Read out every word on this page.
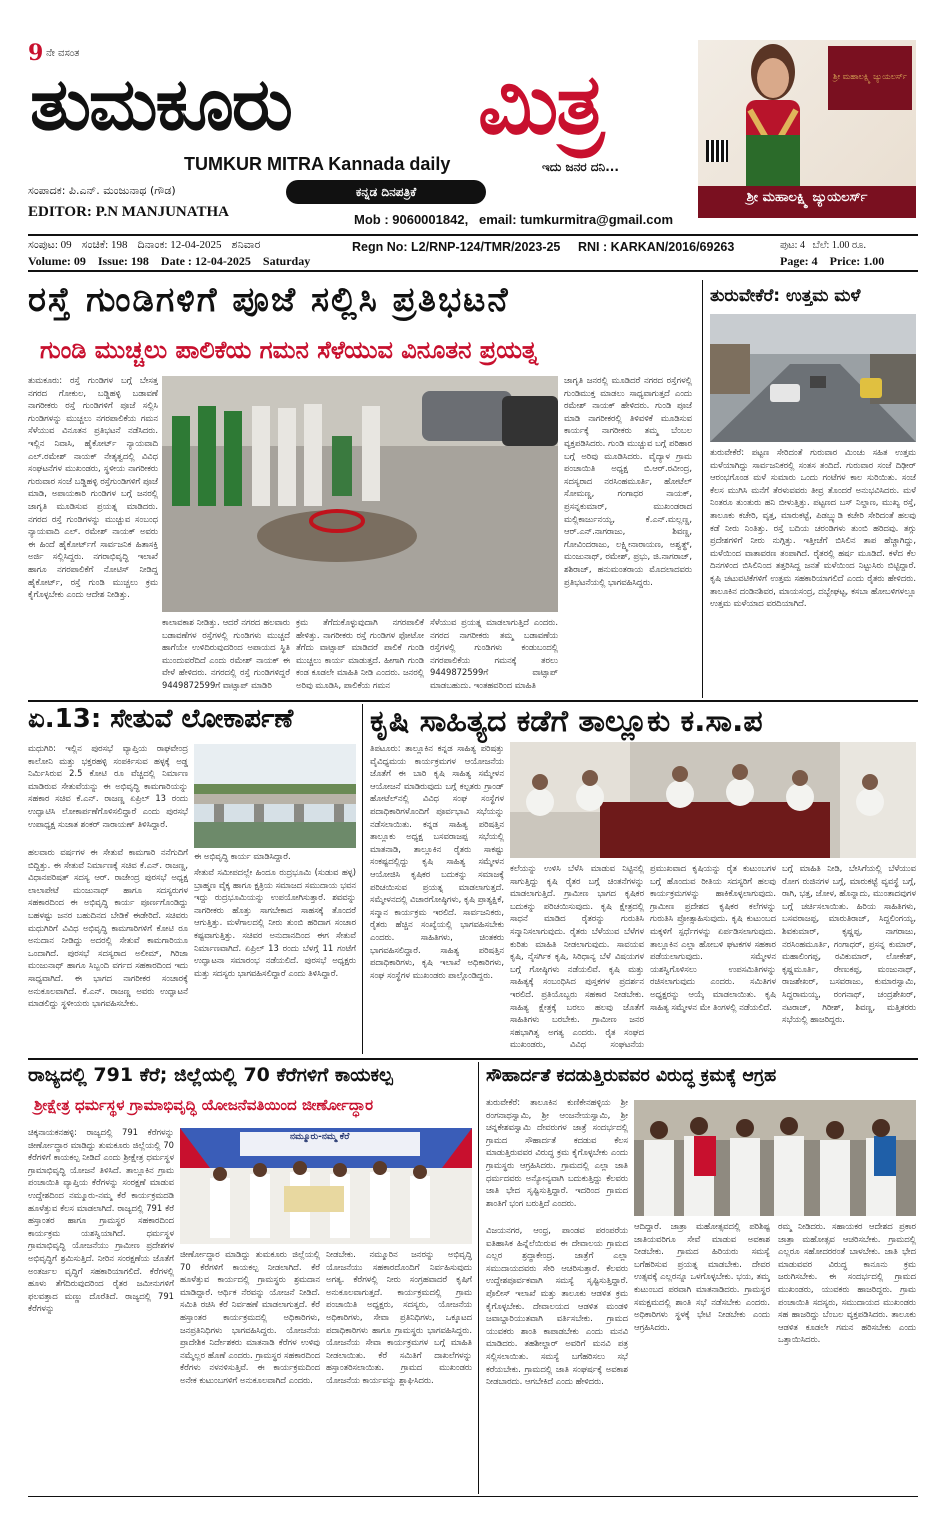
9 ನೇ ವಸಂತ
ತುಮಕೂರು ಮಿತ್ರ
TUMKUR MITRA Kannada daily	ಇದು ಜನರ ದನಿ...
ಸಂಪಾದಕ: ಪಿ.ಎನ್. ಮಂಜುನಾಥ (ಗೌಡ)	ಕನ್ನಡ ದಿನಪತ್ರಿಕೆ
EDITOR: P.N MANJUNATHA	Mob : 9060001842,   email: tumkurmitra@gmail.com
ಶ್ರೀ ಮಹಾಲಕ್ಷ್ಮಿ ಜ್ಯುಯಲರ್ಸ್
ಶ್ರೀ ಮಹಾಲಕ್ಷ್ಮಿ ಜ್ಯುಯಲರ್ಸ್
ಸಂಪುಟ: 09 ಸಂಚಿಕೆ: 198 ದಿನಾಂಕ: 12-04-2025 ಶನಿವಾರ
Volume: 09 Issue: 198 Date : 12-04-2025 Saturday
Regn No: L2/RNP-124/TMR/2023-25 RNI : KARKAN/2016/69263	ಪುಟ: 4   ಬೆಲೆ: 1.00 ರೂ.
Page: 4    Price: 1.00
ರಸ್ತೆ ಗುಂಡಿಗಳಿಗೆ ಪೂಜೆ ಸಲ್ಲಿಸಿ ಪ್ರತಿಭಟನೆ
ಗುಂಡಿ ಮುಚ್ಚಲು ಪಾಲಿಕೆಯ ಗಮನ ಸೆಳೆಯುವ ವಿನೂತನ ಪ್ರಯತ್ನ
ತುಮಕೂರು: ರಸ್ತೆ ಗುಂಡಿಗಳ ಬಗ್ಗೆ ಬೇಸತ್ತ ನಗರದ ಗೋಕುಲ, ಬಡ್ಡಿಹಳ್ಳಿ ಬಡಾವಣೆ ನಾಗರೀಕರು ರಸ್ತೆ ಗುಂಡಿಗಳಿಗೆ ಪೂಜೆ ಸಲ್ಲಿಸಿ ಗುಂಡಿಗಳನ್ನು ಮುಚ್ಚಲು ನಗರಪಾಲಿಕೆಯ ಗಮನ ಸೆಳೆಯುವ ವಿನೂತನ ಪ್ರತಿಭಟನೆ ನಡೆಸಿದರು. ಇಲ್ಲಿನ ನಿವಾಸಿ, ಹೈಕೋರ್ಟ್ ನ್ಯಾಯವಾದಿ ಎಲ್.ರಮೇಶ್ ನಾಯಕ್ ನೇತೃತ್ವದಲ್ಲಿ ವಿವಿಧ ಸಂಘಟನೆಗಳ ಮುಖಂಡರು, ಸ್ಥಳೀಯ ನಾಗರೀಕರು ಗುರುವಾರ ಸಂಜೆ ಬಡ್ಡಿಹಳ್ಳಿ ರಸ್ತೆಗುಂಡಿಗಳಿಗೆ ಪೂಜೆ ಮಾಡಿ, ಅಪಾಯಕಾರಿ ಗುಂಡಿಗಳ ಬಗ್ಗೆ ಜನರಲ್ಲಿ ಜಾಗೃತಿ ಮೂಡಿಸುವ ಪ್ರಯತ್ನ ಮಾಡಿದರು. ನಗರದ ರಸ್ತೆ ಗುಂಡಿಗಳನ್ನು ಮುಚ್ಚುವ ಸಂಬಂಧ ನ್ಯಾಯವಾದಿ ಎಲ್. ರಮೇಶ್ ನಾಯಕ್ ಅವರು ಈ ಹಿಂದೆ ಹೈಕೋರ್ಟ್‌ಗೆ ಸಾರ್ವಜನಿಕ ಹಿತಾಸಕ್ತಿ ಅರ್ಜಿ ಸಲ್ಲಿಸಿದ್ದರು. ನಗರಾಭಿವೃದ್ಧಿ ಇಲಾಖೆ ಹಾಗೂ ನಗರಪಾಲಿಕೆಗೆ ನೋಟಿಸ್ ನೀಡಿದ್ದ ಹೈಕೋರ್ಟ್, ರಸ್ತೆ ಗುಂಡಿ ಮುಚ್ಚಲು ಕ್ರಮ ಕೈಗೊಳ್ಳಬೇಕು ಎಂದು ಆದೇಶ ನೀಡಿತ್ತು.
ಕಾಲಾವಕಾಶ ನೀಡಿತ್ತು. ಆದರೆ ನಗರದ ಹಲವಾರು ಬಡಾವಣೆಗಳ ರಸ್ತೆಗಳಲ್ಲಿ ಗುಂಡಿಗಳು ಮುಚ್ಚದೆ ಹಾಗೆಯೇ ಉಳಿದಿರುವುದರಿಂದ ಅಪಾಯದ ಸ್ಥಿತಿ ಮುಂದುವರೆದಿದೆ ಎಂದು ರಮೇಶ್ ನಾಯಕ್ ಈ ವೇಳೆ ಹೇಳಿದರು. ನಗರದಲ್ಲಿ ರಸ್ತೆ ಗುಂಡಿಗಳಿದ್ದರೆ 9449872599ಗೆ ವಾಟ್ಸಾಪ್ ಮಾಡಿರಿ
ಕ್ರಮ ತೆಗೆದುಕೊಳ್ಳುವುದಾಗಿ ನಗರಪಾಲಿಕೆ ಹೇಳಿತ್ತು. ನಾಗರೀಕರು ರಸ್ತೆ ಗುಂಡಿಗಳ ಫೋಟೋ ತೆಗೆದು ವಾಟ್ಸಾಪ್ ಮಾಡಿದರೆ ಪಾಲಿಕೆ ಗುಂಡಿ ಮುಚ್ಚಲು ಕಾರ್ಯ ಮಾಡುತ್ತದೆ. ಹೀಗಾಗಿ ಗುಂಡಿ ಕಂಡ ಕೂಡಲೇ ಮಾಹಿತಿ ನೀಡಿ ಎಂದರು. ಜನರಲ್ಲಿ ಅರಿವು ಮೂಡಿಸಿ, ಪಾಲಿಕೆಯ ಗಮನ
ಸೆಳೆಯುವ ಪ್ರಯತ್ನ ಮಾಡಲಾಗುತ್ತಿದೆ ಎಂದರು. ನಗರದ ನಾಗರೀಕರು ತಮ್ಮ ಬಡಾವಣೆಯ ರಸ್ತೆಗಳಲ್ಲಿ ಗುಂಡಿಗಳು ಕಂಡುಬಂದಲ್ಲಿ ನಗರಪಾಲಿಕೆಯ ಗಮನಕ್ಕೆ ತರಲು 9449872599ಗೆ ವಾಟ್ಸಾಪ್ ಮಾಡಬಹುದು. ಇಂತಹವರಿಂದ ಮಾಹಿತಿ
ಜಾಗೃತಿ ಜನರಲ್ಲಿ ಮೂಡಿದರೆ ನಗರದ ರಸ್ತೆಗಳಲ್ಲಿ ಗುಂಡಿಮುಕ್ತ ಮಾಡಲು ಸಾಧ್ಯವಾಗುತ್ತದೆ ಎಂದು ರಮೇಶ್ ನಾಯಕ್ ಹೇಳಿದರು. ಗುಂಡಿ ಪೂಜೆ ಮಾಡಿ ನಾಗರೀಕರಲ್ಲಿ ತಿಳಿವಳಿಕೆ ಮೂಡಿಸುವ ಕಾರ್ಯಕ್ಕೆ ನಾಗರೀಕರು ತಮ್ಮ ಬೆಂಬಲ ವ್ಯಕ್ತಪಡಿಸಿದರು. ಗುಂಡಿ ಮುಚ್ಚುವ ಬಗ್ಗೆ ಪರಿಹಾರ ಬಗ್ಗೆ ಅರಿವು ಮೂಡಿಸಿದರು. ವೈದ್ಯಾಳ ಗ್ರಾಮ ಪಂಚಾಯಿತಿ ಅಧ್ಯಕ್ಷ ಬಿ.ಆರ್.ರವೀಂದ್ರ, ಸದಸ್ಯರಾದ ನರಸಿಂಹಮೂರ್ತಿ, ಹೋಟೆಲ್ ಸೋಮಣ್ಣ, ಗಂಗಾಧರ ನಾಯಕ್, ಪ್ರಸನ್ನಕುಮಾರ್, ಮುಖಂಡರಾದ ಮಲ್ಲಿಕಾರ್ಜುನಯ್ಯ, ಕೆ.ಎನ್.ಮಲ್ಲಣ್ಣ, ಆರ್.ಎನ್.ನಾಗರಾಜು, ಶಿವಣ್ಣ, ಗೋವಿಂದರಾಜು, ಲಕ್ಷ್ಮೀನಾರಾಯಣ, ಅಶ್ವತ್ಥ್, ಮಂಜುನಾಥ್, ರಮೇಶ್, ಪ್ರಭು, ಜಿ.ನಾಗರಾಜ್, ಶಶಿರಾಜ್, ಹನುಮಂತರಾಯ ಮೊದಲಾದವರು ಪ್ರತಿಭಟನೆಯಲ್ಲಿ ಭಾಗವಹಿಸಿದ್ದರು.
ತುರುವೇಕೆರೆ: ಉತ್ತಮ ಮಳೆ
ತುರುವೇಕೆರೆ: ಪಟ್ಟಣ ಸೇರಿದಂತೆ ಗುರುವಾರ ಮಿಂಚು ಸಹಿತ ಉತ್ತಮ ಮಳೆಯಾಗಿದ್ದು ಸಾರ್ವಜನಿಕರಲ್ಲಿ ಸಂತಸ ತಂದಿದೆ. ಗುರುವಾರ ಸಂಜೆ ದಿಢೀರ್ ಆರಂಭಗೊಂಡ ಮಳೆ ಸುಮಾರು ಒಂದು ಗಂಟೆಗಳ ಕಾಲ ಸುರಿಯಿತು. ಸಂಜೆ ಕೆಲಸ ಮುಗಿಸಿ ಮನೆಗೆ ತೆರಳುವವರು ತೀವ್ರ ತೊಂದರೆ ಅನುಭವಿಸಿದರು. ಮಳೆ ನಿಂತರೂ ತುಂತುರು ಹನಿ ಬೀಳುತ್ತಿತ್ತು. ಪಟ್ಟಣದ ಬಸ್ ನಿಲ್ದಾಣ, ಮುಖ್ಯ ರಸ್ತೆ, ತಾಲೂಕು ಕಚೇರಿ, ವೃತ್ತ, ಮಾರುಕಟ್ಟೆ, ಪಿಡಬ್ಲ್ಯುಡಿ ಕಚೇರಿ ಸೇರಿದಂತೆ ಹಲವು ಕಡೆ ನೀರು ನಿಂತಿತ್ತು. ರಸ್ತೆ ಬದಿಯ ಚರಂಡಿಗಳು ತುಂಬಿ ಹರಿದವು. ತಗ್ಗು ಪ್ರದೇಶಗಳಿಗೆ ನೀರು ನುಗ್ಗಿತ್ತು. ಇತ್ತೀಚೆಗೆ ಬಿಸಿಲಿನ ತಾಪ ಹೆಚ್ಚಾಗಿದ್ದು, ಮಳೆಯಿಂದ ವಾತಾವರಣ ತಂಪಾಗಿದೆ. ರೈತರಲ್ಲಿ ಹರ್ಷ ಮೂಡಿದೆ. ಕಳೆದ ಕೆಲ ದಿನಗಳಿಂದ ಬಿಸಿಲಿನಿಂದ ತತ್ತರಿಸಿದ್ದ ಜನತೆ ಮಳೆಯಿಂದ ನಿಟ್ಟುಸಿರು ಬಿಟ್ಟಿದ್ದಾರೆ. ಕೃಷಿ ಚಟುವಟಿಕೆಗಳಿಗೆ ಉತ್ತಮ ಸಹಕಾರಿಯಾಗಲಿದೆ ಎಂದು ರೈತರು ಹೇಳಿದರು. ತಾಲೂಕಿನ ದಂಡಿನಶಿವರ, ಮಾಯಸಂದ್ರ, ದಬ್ಬೇಘಟ್ಟ, ಕಸಬಾ ಹೋಬಳಿಗಳಲ್ಲೂ ಉತ್ತಮ ಮಳೆಯಾದ ವರದಿಯಾಗಿದೆ.
ಏ.13: ಸೇತುವೆ ಲೋಕಾರ್ಪಣೆ
ಮಧುಗಿರಿ: ಇಲ್ಲಿನ ಪುರಸಭೆ ವ್ಯಾಪ್ತಿಯ ರಾಘವೇಂದ್ರ ಕಾಲೋನಿ ಮತ್ತು ಭಕ್ತರಹಳ್ಳಿ ಸಂಪರ್ಕಿಸುವ ಹಳ್ಳಕ್ಕೆ ಅಡ್ಡ ನಿರ್ಮಿಸಿರುವ 2.5 ಕೋಟಿ ರೂ ವೆಚ್ಚದಲ್ಲಿ ನಿರ್ಮಾಣ ಮಾಡಿರುವ ಸೇತುವೆಯನ್ನು ಈ ಅಭಿವೃದ್ಧಿ ಕಾಮಗಾರಿಯನ್ನು ಸಹಕಾರ ಸಚಿವ ಕೆ.ಎನ್. ರಾಜಣ್ಣ ಏಪ್ರಿಲ್ 13 ರಂದು ಉದ್ಘಾಟಿಸಿ ಲೋಕಾರ್ಪಣೆಗೊಳಿಸಲಿದ್ದಾರೆ ಎಂದು ಪುರಸಭೆ ಉಪಾಧ್ಯಕ್ಷ ಸುಜಾತ ಶಂಕರ್ ನಾರಾಯಣ್ ತಿಳಿಸಿದ್ದಾರೆ.
ಈ ಅಭಿವೃದ್ಧಿ ಕಾರ್ಯ ಮಾಡಿಸಿದ್ದಾರೆ.
ಹಲವಾರು ವರ್ಷಗಳ ಈ ಸೇತುವೆ ಕಾಮಗಾರಿ ನನೆಗುದಿಗೆ ಬಿದ್ದಿತ್ತು. ಈ ಸೇತುವೆ ನಿರ್ಮಾಣಕ್ಕೆ ಸಚಿವ ಕೆ.ಎನ್. ರಾಜಣ್ಣ, ವಿಧಾನಪರಿಷತ್ ಸದಸ್ಯ ಆರ್. ರಾಜೇಂದ್ರ ಪುರಸಭೆ ಅಧ್ಯಕ್ಷ ಲಾಲಾಪೇಟೆ ಮಂಜುನಾಥ್ ಹಾಗೂ ಸದಸ್ಯರುಗಳ ಸಹಕಾರದಿಂದ ಈ ಅಭಿವೃದ್ಧಿ ಕಾರ್ಯ ಪೂರ್ಣಗೊಂಡಿದ್ದು ಬಹಳಷ್ಟು ಜನರ ಬಹುದಿನದ ಬೇಡಿಕೆ ಈಡೇರಿದೆ. ಸಚಿವರು ಮಧುಗಿರಿಗೆ ವಿವಿಧ ಅಭಿವೃದ್ಧಿ ಕಾಮಗಾರಿಗಳಿಗೆ ಕೋಟಿ ರೂ ಅನುದಾನ ನೀಡಿದ್ದು ಅದರಲ್ಲಿ ಸೇತುವೆ ಕಾಮಗಾರಿಯೂ ಒಂದಾಗಿದೆ. ಪುರಸಭೆ ಸದಸ್ಯರಾದ ಅಲೀಮ್, ಗಿರಿಜಾ ಮಂಜುನಾಥ್ ಹಾಗೂ ಸಿಬ್ಬಂದಿ ವರ್ಗದ ಸಹಕಾರದಿಂದ ಇದು ಸಾಧ್ಯವಾಗಿದೆ. ಈ ಭಾಗದ ನಾಗರೀಕರ ಸಂಚಾರಕ್ಕೆ ಅನುಕೂಲವಾಗಿದೆ. ಕೆ.ಎನ್. ರಾಜಣ್ಣ ಅವರು ಉದ್ಘಾಟನೆ ಮಾಡಲಿದ್ದು ಸ್ಥಳೀಯರು ಭಾಗವಹಿಸಬೇಕು.
ಸೇತುವೆ ಸಮೀಪದಲ್ಲೇ ಹಿಂದೂ ರುದ್ರಭೂಮಿ (ಸುಡುವ ಹಳ್ಳ) ಬ್ರಾಹ್ಮಣ ವೈಕ್ಕ ಹಾಗೂ ಕ್ಷತ್ರಿಯ ಸಮಾಜದ ಸಮುದಾಯ ಭವನ ಇದ್ದು ರುದ್ರಭೂಮಿಯನ್ನು ಉಪಯೋಗಿಸುತ್ತಾರೆ. ಶವವನ್ನು ನಾಗರೀಕರು ಹೊತ್ತು ಸಾಗಬೇಕಾದ ಸಾಹಸಕ್ಕೆ ತೊಂದರೆ ಆಗುತ್ತಿತ್ತು. ಮಳೆಗಾಲದಲ್ಲಿ ನೀರು ತುಂಬಿ ಹರಿದಾಗ ಸಂಚಾರ ಕಷ್ಟವಾಗುತ್ತಿತ್ತು. ಸಚಿವರ ಅನುದಾನದಿಂದ ಈಗ ಸೇತುವೆ ನಿರ್ಮಾಣವಾಗಿದೆ. ಏಪ್ರಿಲ್ 13 ರಂದು ಬೆಳಗ್ಗೆ 11 ಗಂಟೆಗೆ ಉದ್ಘಾಟನಾ ಸಮಾರಂಭ ನಡೆಯಲಿದೆ. ಪುರಸಭೆ ಅಧ್ಯಕ್ಷರು ಮತ್ತು ಸದಸ್ಯರು ಭಾಗವಹಿಸಲಿದ್ದಾರೆ ಎಂದು ತಿಳಿಸಿದ್ದಾರೆ.
ಕೃಷಿ ಸಾಹಿತ್ಯದ ಕಡೆಗೆ ತಾಲ್ಲೂಕು ಕ.ಸಾ.ಪ
ತಿಪಟೂರು: ತಾಲ್ಲೂಕಿನ ಕನ್ನಡ ಸಾಹಿತ್ಯ ಪರಿಷತ್ತು ವೈವಿಧ್ಯಮಯ ಕಾರ್ಯಕ್ರಮಗಳ ಆಯೋಜನೆಯ ಜೊತೆಗೆ ಈ ಬಾರಿ ಕೃಷಿ ಸಾಹಿತ್ಯ ಸಮ್ಮೇಳನ ಆಯೋಜನೆ ಮಾಡಿರುವುದು ಬಗ್ಗೆ ಕಲ್ಪತರು ಗ್ರಾಂಡ್ ಹೋಟೆಲ್‌ನಲ್ಲಿ ವಿವಿಧ ಸಂಘ ಸಂಸ್ಥೆಗಳ ಪದಾಧಿಕಾರಿಗಳೊಂದಿಗೆ ಪೂರ್ವಭಾವಿ ಸಭೆಯನ್ನು ನಡೆಸಲಾಯಿತು. ಕನ್ನಡ ಸಾಹಿತ್ಯ ಪರಿಷತ್ತಿನ ತಾಲ್ಲೂಕು ಅಧ್ಯಕ್ಷ ಬಸವರಾಜಪ್ಪ ಸಭೆಯಲ್ಲಿ ಮಾತನಾಡಿ, ತಾಲ್ಲೂಕಿನ ರೈತರು ಸಾಕಷ್ಟು ಸಂಕಷ್ಟದಲ್ಲಿದ್ದು ಕೃಷಿ ಸಾಹಿತ್ಯ ಸಮ್ಮೇಳನ ಆಯೋಜಿಸಿ ಕೃಷಿಕರ ಬದುಕನ್ನು ಸಮಾಜಕ್ಕೆ ಪರಿಚಯಿಸುವ ಪ್ರಯತ್ನ ಮಾಡಲಾಗುತ್ತದೆ. ಸಮ್ಮೇಳನದಲ್ಲಿ ವಿಚಾರಗೋಷ್ಠಿಗಳು, ಕೃಷಿ ಪ್ರಾತ್ಯಕ್ಷಿಕೆ, ಸನ್ಮಾನ ಕಾರ್ಯಕ್ರಮ ಇರಲಿದೆ. ಸಾರ್ವಜನಿಕರು, ರೈತರು ಹೆಚ್ಚಿನ ಸಂಖ್ಯೆಯಲ್ಲಿ ಭಾಗವಹಿಸಬೇಕು ಎಂದರು. ಸಾಹಿತಿಗಳು, ಚಿಂತಕರು ಭಾಗವಹಿಸಲಿದ್ದಾರೆ. ಸಾಹಿತ್ಯ ಪರಿಷತ್ತಿನ ಪದಾಧಿಕಾರಿಗಳು, ಕೃಷಿ ಇಲಾಖೆ ಅಧಿಕಾರಿಗಳು, ಸಂಘ ಸಂಸ್ಥೆಗಳ ಮುಖಂಡರು ಪಾಲ್ಗೊಂಡಿದ್ದರು.
ಕಲೆಯನ್ನು ಉಳಿಸಿ ಬೆಳೆಸಿ ಮಾಡುವ ನಿಟ್ಟಿನಲ್ಲಿ ಸಾಗುತ್ತಿದ್ದು ಕೃಷಿ ರೈತರ ಬಗ್ಗೆ ಚಿಂತನೆಗಳನ್ನು ಮಾಡಲಾಗುತ್ತಿದೆ. ಗ್ರಾಮೀಣ ಭಾಗದ ಕೃಷಿಕರ ಬದುಕನ್ನು ಪರಿಚಯಿಸುವುದು. ಕೃಷಿ ಕ್ಷೇತ್ರದಲ್ಲಿ ಸಾಧನೆ ಮಾಡಿದ ರೈತರನ್ನು ಗುರುತಿಸಿ ಸನ್ಮಾನಿಸಲಾಗುವುದು. ರೈತರು ಬೆಳೆಯುವ ಬೆಳೆಗಳ ಕುರಿತು ಮಾಹಿತಿ ನೀಡಲಾಗುವುದು. ಸಾವಯವ ಕೃಷಿ, ನೈಸರ್ಗಿಕ ಕೃಷಿ, ಸಿರಿಧಾನ್ಯ ಬೆಳೆ ವಿಷಯಗಳ ಬಗ್ಗೆ ಗೋಷ್ಠಿಗಳು ನಡೆಯಲಿವೆ. ಕೃಷಿ ಮತ್ತು ಸಾಹಿತ್ಯಕ್ಕೆ ಸಂಬಂಧಿಸಿದ ಪುಸ್ತಕಗಳ ಪ್ರದರ್ಶನ ಇರಲಿದೆ. ಪ್ರತಿಯೊಬ್ಬರು ಸಹಕಾರ ನೀಡಬೇಕು. ಸಾಹಿತ್ಯ ಕ್ಷೇತ್ರಕ್ಕೆ ಬರಲು ಹಲವು ಜೊತೆಗೆ ಸಾಹಿತಿಗಳು ಬರಬೇಕು. ಗ್ರಾಮೀಣ ಜನರ ಸಹಭಾಗಿತ್ವ ಅಗತ್ಯ ಎಂದರು. ರೈತ ಸಂಘದ ಮುಖಂಡರು, ವಿವಿಧ ಸಂಘಟನೆಯ
ಪ್ರಮುಖವಾದ ಕೃಷಿಯನ್ನು ರೈತ ಕುಟುಂಬಗಳ ಬಗ್ಗೆ ಹೊಂದುವ ರೀತಿಯ ಸದಸ್ಯರಿಗೆ ಹಲವು ಕಾರ್ಯಕ್ರಮಗಳನ್ನು ಹಾಕಿಕೊಳ್ಳಲಾಗುವುದು. ಗ್ರಾಮೀಣ ಪ್ರದೇಶದ ಕೃಷಿಕರ ಕಲೆಗಳನ್ನು ಗುರುತಿಸಿ ಪ್ರೋತ್ಸಾಹಿಸುವುದು. ಕೃಷಿ ಕುಟುಂಬದ ಮಕ್ಕಳಿಗೆ ಸ್ಪರ್ಧೆಗಳನ್ನು ಏರ್ಪಡಿಸಲಾಗುವುದು. ತಾಲ್ಲೂಕಿನ ಎಲ್ಲಾ ಹೋಬಳಿ ಘಟಕಗಳ ಸಹಕಾರ ಪಡೆಯಲಾಗುವುದು. ಸಮ್ಮೇಳನ ಯಶಸ್ವಿಗೊಳಿಸಲು ಉಪಸಮಿತಿಗಳನ್ನು ರಚಿಸಲಾಗುವುದು ಎಂದರು. ಸಮಿತಿಗಳ ಅಧ್ಯಕ್ಷರನ್ನು ಆಯ್ಕೆ ಮಾಡಲಾಯಿತು. ಕೃಷಿ ಸಾಹಿತ್ಯ ಸಮ್ಮೇಳನ ಮೇ ತಿಂಗಳಲ್ಲಿ ನಡೆಯಲಿದೆ.
ಬಗ್ಗೆ ಮಾಹಿತಿ ನೀಡಿ, ಬೇಸಿಗೆಯಲ್ಲಿ ಬೆಳೆಯುವ ರೋಗ ರುಜಿನಗಳ ಬಗ್ಗೆ, ಮಾರುಕಟ್ಟೆ ವ್ಯವಸ್ಥೆ ಬಗ್ಗೆ, ರಾಗಿ, ಭತ್ತ, ಜೋಳ, ಹೊನ್ನಾದು, ಮುಂತಾದವುಗಳ ಬಗ್ಗೆ ಚರ್ಚಿಸಲಾಯಿತು. ಹಿರಿಯ ಸಾಹಿತಿಗಳು, ಬಸವರಾಜಪ್ಪ, ಮಾರುತಿರಾಜ್, ಸಿದ್ದಲಿಂಗಯ್ಯ, ಶಿವಕುಮಾರ್, ಕೃಷ್ಣಪ್ಪ, ನಾಗರಾಜು, ನರಸಿಂಹಮೂರ್ತಿ, ಗಂಗಾಧರ್, ಪ್ರಸನ್ನ ಕುಮಾರ್, ಮಹಾಲಿಂಗಪ್ಪ, ರವಿಕುಮಾರ್, ಲೋಕೇಶ್, ಕೃಷ್ಣಮೂರ್ತಿ, ರೇಣುಕಪ್ಪ, ಮಂಜುನಾಥ್, ರಾಜಶೇಖರ್, ಬಸವರಾಜು, ಕುಮಾರಸ್ವಾಮಿ, ಸಿದ್ದರಾಮಯ್ಯ, ರಂಗನಾಥ್, ಚಂದ್ರಶೇಖರ್, ನಟರಾಜ್, ಗಿರೀಶ್, ಶಿವಣ್ಣ, ಮತ್ತಿತರರು ಸಭೆಯಲ್ಲಿ ಹಾಜರಿದ್ದರು.
ರಾಜ್ಯದಲ್ಲಿ 791 ಕೆರೆ; ಜಿಲ್ಲೆಯಲ್ಲಿ 70 ಕೆರೆಗಳಿಗೆ ಕಾಯಕಲ್ಪ
ಶ್ರೀಕ್ಷೇತ್ರ ಧರ್ಮಸ್ಥಳ ಗ್ರಾಮಾಭಿವೃದ್ಧಿ ಯೋಜನೆವತಿಯಿಂದ ಜೀರ್ಣೋದ್ಧಾರ
ಚಿಕ್ಕನಾಯಕನಹಳ್ಳಿ: ರಾಜ್ಯದಲ್ಲಿ 791 ಕೆರೆಗಳನ್ನು ಜೀರ್ಣೋದ್ಧಾರ ಮಾಡಿದ್ದು ತುಮಕೂರು ಜಿಲ್ಲೆಯಲ್ಲಿ 70 ಕೆರೆಗಳಿಗೆ ಕಾಯಕಲ್ಪ ನೀಡಿದೆ ಎಂದು ಶ್ರೀಕ್ಷೇತ್ರ ಧರ್ಮಸ್ಥಳ ಗ್ರಾಮಾಭಿವೃದ್ಧಿ ಯೋಜನೆ ತಿಳಿಸಿದೆ. ತಾಲ್ಲೂಕಿನ ಗ್ರಾಮ ಪಂಚಾಯಿತಿ ವ್ಯಾಪ್ತಿಯ ಕೆರೆಗಳನ್ನು ಸಂರಕ್ಷಣೆ ಮಾಡುವ ಉದ್ದೇಶದಿಂದ ನಮ್ಮೂರು-ನಮ್ಮ ಕೆರೆ ಕಾರ್ಯಕ್ರಮದಡಿ ಹೂಳೆತ್ತುವ ಕೆಲಸ ಮಾಡಲಾಗಿದೆ. ರಾಜ್ಯದಲ್ಲಿ 791 ಕೆರೆ ಹಸ್ತಾಂತರ ಹಾಗೂ ಗ್ರಾಮಸ್ಥರ ಸಹಕಾರದಿಂದ ಕಾರ್ಯಕ್ರಮ ಯಶಸ್ವಿಯಾಗಿದೆ. ಧರ್ಮಸ್ಥಳ ಗ್ರಾಮಾಭಿವೃದ್ಧಿ ಯೋಜನೆಯು ಗ್ರಾಮೀಣ ಪ್ರದೇಶಗಳ ಅಭಿವೃದ್ಧಿಗೆ ಶ್ರಮಿಸುತ್ತಿದೆ. ನೀರಿನ ಸಂರಕ್ಷಣೆಯ ಜೊತೆಗೆ ಅಂತರ್ಜಲ ವೃದ್ಧಿಗೆ ಸಹಕಾರಿಯಾಗಲಿದೆ. ಕೆರೆಗಳಲ್ಲಿ ಹೂಳು ತೆಗೆದಿರುವುದರಿಂದ ರೈತರ ಜಮೀನುಗಳಿಗೆ ಫಲವತ್ತಾದ ಮಣ್ಣು ದೊರೆತಿದೆ. ರಾಜ್ಯದಲ್ಲಿ 791 ಕೆರೆಗಳನ್ನು
ನಮ್ಮೂರು-ನಮ್ಮ ಕೆರೆ
ಜೀರ್ಣೋದ್ಧಾರ ಮಾಡಿದ್ದು ತುಮಕೂರು ಜಿಲ್ಲೆಯಲ್ಲಿ 70 ಕೆರೆಗಳಿಗೆ ಕಾಯಕಲ್ಪ ನೀಡಲಾಗಿದೆ. ಕೆರೆ ಹೂಳೆತ್ತುವ ಕಾರ್ಯದಲ್ಲಿ ಗ್ರಾಮಸ್ಥರು ಶ್ರಮದಾನ ಮಾಡಿದ್ದಾರೆ. ಆರ್ಥಿಕ ನೆರವನ್ನು ಯೋಜನೆ ನೀಡಿದೆ. ಸಮಿತಿ ರಚಿಸಿ ಕೆರೆ ನಿರ್ವಹಣೆ ಮಾಡಲಾಗುತ್ತದೆ. ಕೆರೆ ಹಸ್ತಾಂತರ ಕಾರ್ಯಕ್ರಮದಲ್ಲಿ ಅಧಿಕಾರಿಗಳು, ಜನಪ್ರತಿನಿಧಿಗಳು ಭಾಗವಹಿಸಿದ್ದರು. ಯೋಜನೆಯ ಪ್ರಾದೇಶಿಕ ನಿರ್ದೇಶಕರು ಮಾತನಾಡಿ ಕೆರೆಗಳ ಉಳಿವು ನಮ್ಮೆಲ್ಲರ ಹೊಣೆ ಎಂದರು. ಗ್ರಾಮಸ್ಥರ ಸಹಕಾರದಿಂದ ಕೆರೆಗಳು ನಳನಳಿಸುತ್ತಿವೆ. ಈ ಕಾರ್ಯಕ್ರಮದಿಂದ ಅನೇಕ ಕುಟುಂಬಗಳಿಗೆ ಅನುಕೂಲವಾಗಿದೆ ಎಂದರು.
ನೀಡಬೇಕು. ನಮ್ಮೂರಿನ ಜನರನ್ನು ಅಭಿವೃದ್ಧಿ ಯೋಜನೆಯು ಸಹಕಾರದೊಂದಿಗೆ ನಿರ್ವಹಿಸುವುದು ಅಗತ್ಯ. ಕೆರೆಗಳಲ್ಲಿ ನೀರು ಸಂಗ್ರಹವಾದರೆ ಕೃಷಿಗೆ ಅನುಕೂಲವಾಗುತ್ತದೆ. ಕಾರ್ಯಕ್ರಮದಲ್ಲಿ ಗ್ರಾಮ ಪಂಚಾಯಿತಿ ಅಧ್ಯಕ್ಷರು, ಸದಸ್ಯರು, ಯೋಜನೆಯ ಅಧಿಕಾರಿಗಳು, ಸೇವಾ ಪ್ರತಿನಿಧಿಗಳು, ಒಕ್ಕೂಟದ ಪದಾಧಿಕಾರಿಗಳು ಹಾಗೂ ಗ್ರಾಮಸ್ಥರು ಭಾಗವಹಿಸಿದ್ದರು. ಯೋಜನೆಯ ಸೇವಾ ಕಾರ್ಯಕ್ರಮಗಳ ಬಗ್ಗೆ ಮಾಹಿತಿ ನೀಡಲಾಯಿತು. ಕೆರೆ ಸಮಿತಿಗೆ ದಾಖಲೆಗಳನ್ನು ಹಸ್ತಾಂತರಿಸಲಾಯಿತು. ಗ್ರಾಮದ ಮುಖಂಡರು ಯೋಜನೆಯ ಕಾರ್ಯವನ್ನು ಶ್ಲಾಘಿಸಿದರು.
ಸೌಹಾರ್ದತೆ ಕದಡುತ್ತಿರುವವರ ವಿರುದ್ಧ ಕ್ರಮಕ್ಕೆ ಆಗ್ರಹ
ತುರುವೇಕೆರೆ: ತಾಲೂಕಿನ ಕುಣಿಕೇನಹಳ್ಳಿಯ ಶ್ರೀ ರಂಗನಾಥಸ್ವಾಮಿ, ಶ್ರೀ ಆಂಜನೇಯಸ್ವಾಮಿ, ಶ್ರೀ ಚನ್ನಕೇಶವಸ್ವಾಮಿ ದೇವರುಗಳ ಜಾತ್ರೆ ಸಂದರ್ಭದಲ್ಲಿ ಗ್ರಾಮದ ಸೌಹಾರ್ದತೆ ಕದಡುವ ಕೆಲಸ ಮಾಡುತ್ತಿರುವವರ ವಿರುದ್ಧ ಕ್ರಮ ಕೈಗೊಳ್ಳಬೇಕು ಎಂದು ಗ್ರಾಮಸ್ಥರು ಆಗ್ರಹಿಸಿದರು. ಗ್ರಾಮದಲ್ಲಿ ಎಲ್ಲಾ ಜಾತಿ ಧರ್ಮದವರು ಅನ್ಯೋನ್ಯವಾಗಿ ಬದುಕುತ್ತಿದ್ದು ಕೆಲವರು ಜಾತಿ ಭೇದ ಸೃಷ್ಟಿಸುತ್ತಿದ್ದಾರೆ. ಇದರಿಂದ ಗ್ರಾಮದ ಶಾಂತಿಗೆ ಭಂಗ ಬರುತ್ತಿದೆ ಎಂದರು.
ವಿಜಯನಗರ, ಆಂಧ್ರ, ಪಾಂಡವ ಪರಂಪರೆಯ ಐತಿಹಾಸಿಕ ಹಿನ್ನೆಲೆಯಿರುವ ಈ ದೇವಾಲಯ ಗ್ರಾಮದ ಎಲ್ಲರ ಶ್ರದ್ಧಾಕೇಂದ್ರ. ಜಾತ್ರೆಗೆ ಎಲ್ಲಾ ಸಮುದಾಯದವರು ಸೇರಿ ಆಚರಿಸುತ್ತಾರೆ. ಕೆಲವರು ಉದ್ದೇಶಪೂರ್ವಕವಾಗಿ ಸಮಸ್ಯೆ ಸೃಷ್ಟಿಸುತ್ತಿದ್ದಾರೆ. ಪೊಲೀಸ್ ಇಲಾಖೆ ಮತ್ತು ತಾಲೂಕು ಆಡಳಿತ ಕ್ರಮ ಕೈಗೊಳ್ಳಬೇಕು. ದೇವಾಲಯದ ಆಡಳಿತ ಮಂಡಳಿ ಜವಾಬ್ದಾರಿಯುತವಾಗಿ ವರ್ತಿಸಬೇಕು. ಗ್ರಾಮದ ಯುವಕರು ಶಾಂತಿ ಕಾಪಾಡಬೇಕು ಎಂದು ಮನವಿ ಮಾಡಿದರು. ತಹಶೀಲ್ದಾರ್ ಅವರಿಗೆ ಮನವಿ ಪತ್ರ ಸಲ್ಲಿಸಲಾಯಿತು. ಸಮಸ್ಯೆ ಬಗೆಹರಿಸಲು ಸಭೆ ಕರೆಯಬೇಕು. ಗ್ರಾಮದಲ್ಲಿ ಜಾತಿ ಸಂಘರ್ಷಕ್ಕೆ ಅವಕಾಶ ನೀಡಬಾರದು. ಆಗಬೇಕಿದೆ ಎಂದು ಹೇಳಿದರು.
ಆದಿದ್ದಾರೆ. ಜಾತ್ರಾ ಮಹೋತ್ಸವದಲ್ಲಿ ಪರಿಶಿಷ್ಟ ಜಾತಿಯವರಿಗೂ ಸೇವೆ ಮಾಡುವ ಅವಕಾಶ ನೀಡಬೇಕು. ಗ್ರಾಮದ ಹಿರಿಯರು ಸಮಸ್ಯೆ ಬಗೆಹರಿಸುವ ಪ್ರಯತ್ನ ಮಾಡಬೇಕು. ದೇವರ ಉತ್ಸವಕ್ಕೆ ಎಲ್ಲರನ್ನೂ ಒಳಗೊಳ್ಳಬೇಕು. ಭಯ, ತಮ್ಮ ಕುಟುಂಬದ ಪರವಾಗಿ ಮಾತನಾಡಿದರು. ಗ್ರಾಮಸ್ಥರ ಸಮಕ್ಷಮದಲ್ಲಿ ಶಾಂತಿ ಸಭೆ ನಡೆಸಬೇಕು ಎಂದರು. ಅಧಿಕಾರಿಗಳು ಸ್ಥಳಕ್ಕೆ ಭೇಟಿ ನೀಡಬೇಕು ಎಂದು ಆಗ್ರಹಿಸಿದರು.
ರಮ್ಮ ನೀಡಿದರು. ಸಹಾಯಕರ ಆದೇಶದ ಪ್ರಕಾರ ಜಾತ್ರಾ ಮಹೋತ್ಸವ ಆಚರಿಸಬೇಕು. ಗ್ರಾಮದಲ್ಲಿ ಎಲ್ಲರೂ ಸಹೋದರರಂತೆ ಬಾಳಬೇಕು. ಜಾತಿ ಭೇದ ಮಾಡುವವರ ವಿರುದ್ಧ ಕಾನೂನು ಕ್ರಮ ಜರುಗಿಸಬೇಕು. ಈ ಸಂದರ್ಭದಲ್ಲಿ ಗ್ರಾಮದ ಮುಖಂಡರು, ಯುವಕರು ಹಾಜರಿದ್ದರು. ಗ್ರಾಮ ಪಂಚಾಯಿತಿ ಸದಸ್ಯರು, ಸಮುದಾಯದ ಮುಖಂಡರು ಸಹ ಹಾಜರಿದ್ದು ಬೆಂಬಲ ವ್ಯಕ್ತಪಡಿಸಿದರು. ತಾಲೂಕು ಆಡಳಿತ ಕೂಡಲೇ ಗಮನ ಹರಿಸಬೇಕು ಎಂದು ಒತ್ತಾಯಿಸಿದರು.
